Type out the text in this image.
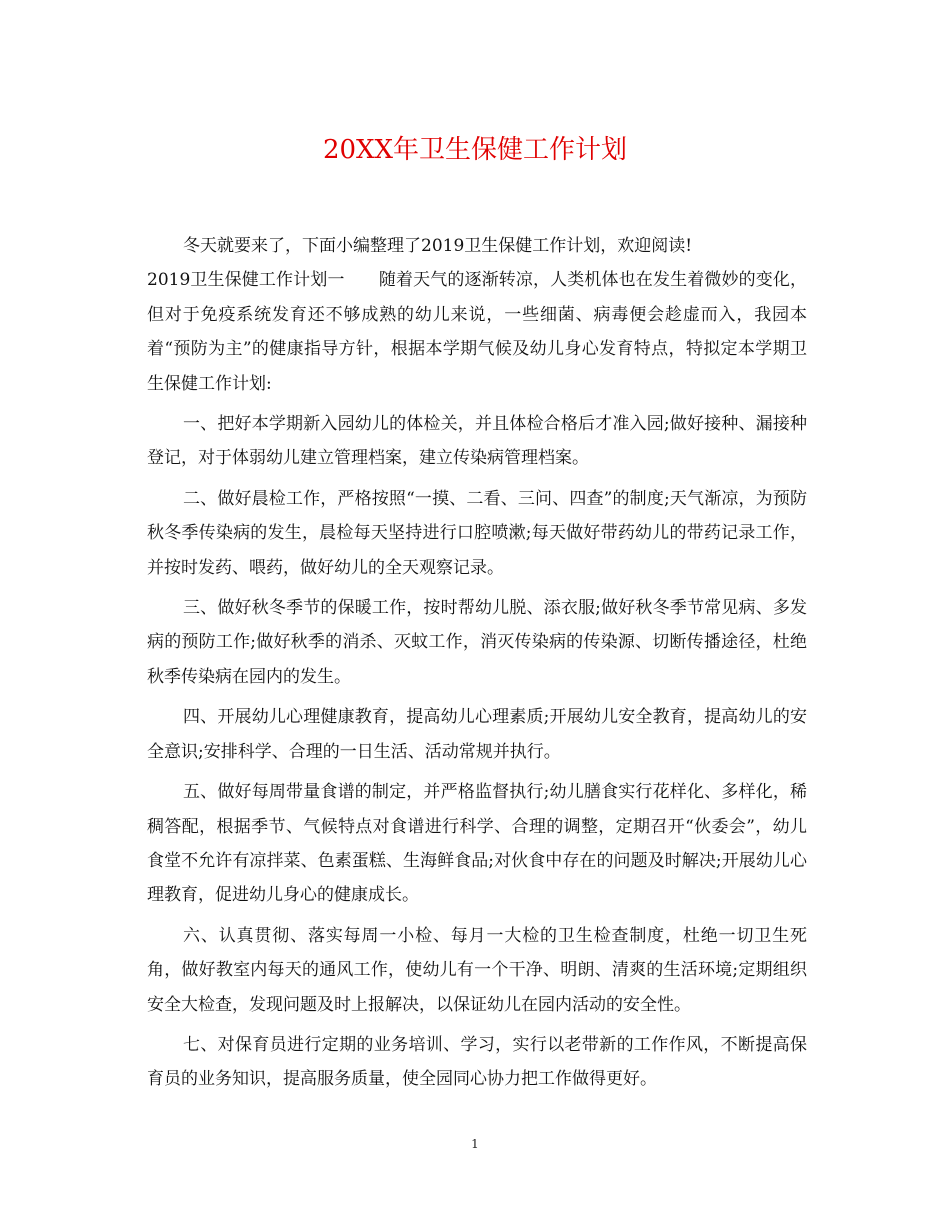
20XX年卫生保健工作计划

冬天就要来了，下面小编整理了2019卫生保健工作计划，欢迎阅读!

2019卫生保健工作计划一　　随着天气的逐渐转凉，人类机体也在发生着微妙的变化，但对于免疫系统发育还不够成熟的幼儿来说，一些细菌、病毒便会趁虚而入，我园本着“预防为主”的健康指导方针，根据本学期气候及幼儿身心发育特点，特拟定本学期卫生保健工作计划:

一、把好本学期新入园幼儿的体检关，并且体检合格后才准入园;做好接种、漏接种登记，对于体弱幼儿建立管理档案，建立传染病管理档案。

二、做好晨检工作，严格按照“一摸、二看、三问、四查”的制度;天气渐凉，为预防秋冬季传染病的发生，晨检每天坚持进行口腔喷漱;每天做好带药幼儿的带药记录工作，并按时发药、喂药，做好幼儿的全天观察记录。

三、做好秋冬季节的保暖工作，按时帮幼儿脱、添衣服;做好秋冬季节常见病、多发病的预防工作;做好秋季的消杀、灭蚊工作，消灭传染病的传染源、切断传播途径，杜绝秋季传染病在园内的发生。

四、开展幼儿心理健康教育，提高幼儿心理素质;开展幼儿安全教育，提高幼儿的安全意识;安排科学、合理的一日生活、活动常规并执行。

五、做好每周带量食谱的制定，并严格监督执行;幼儿膳食实行花样化、多样化，稀稠答配，根据季节、气候特点对食谱进行科学、合理的调整，定期召开“伙委会”，幼儿食堂不允许有凉拌菜、色素蛋糕、生海鲜食品;对伙食中存在的问题及时解决;开展幼儿心理教育，促进幼儿身心的健康成长。

六、认真贯彻、落实每周一小检、每月一大检的卫生检查制度，杜绝一切卫生死角，做好教室内每天的通风工作，使幼儿有一个干净、明朗、清爽的生活环境;定期组织安全大检查，发现问题及时上报解决，以保证幼儿在园内活动的安全性。

七、对保育员进行定期的业务培训、学习，实行以老带新的工作作风，不断提高保育员的业务知识，提高服务质量，使全园同心协力把工作做得更好。

1
